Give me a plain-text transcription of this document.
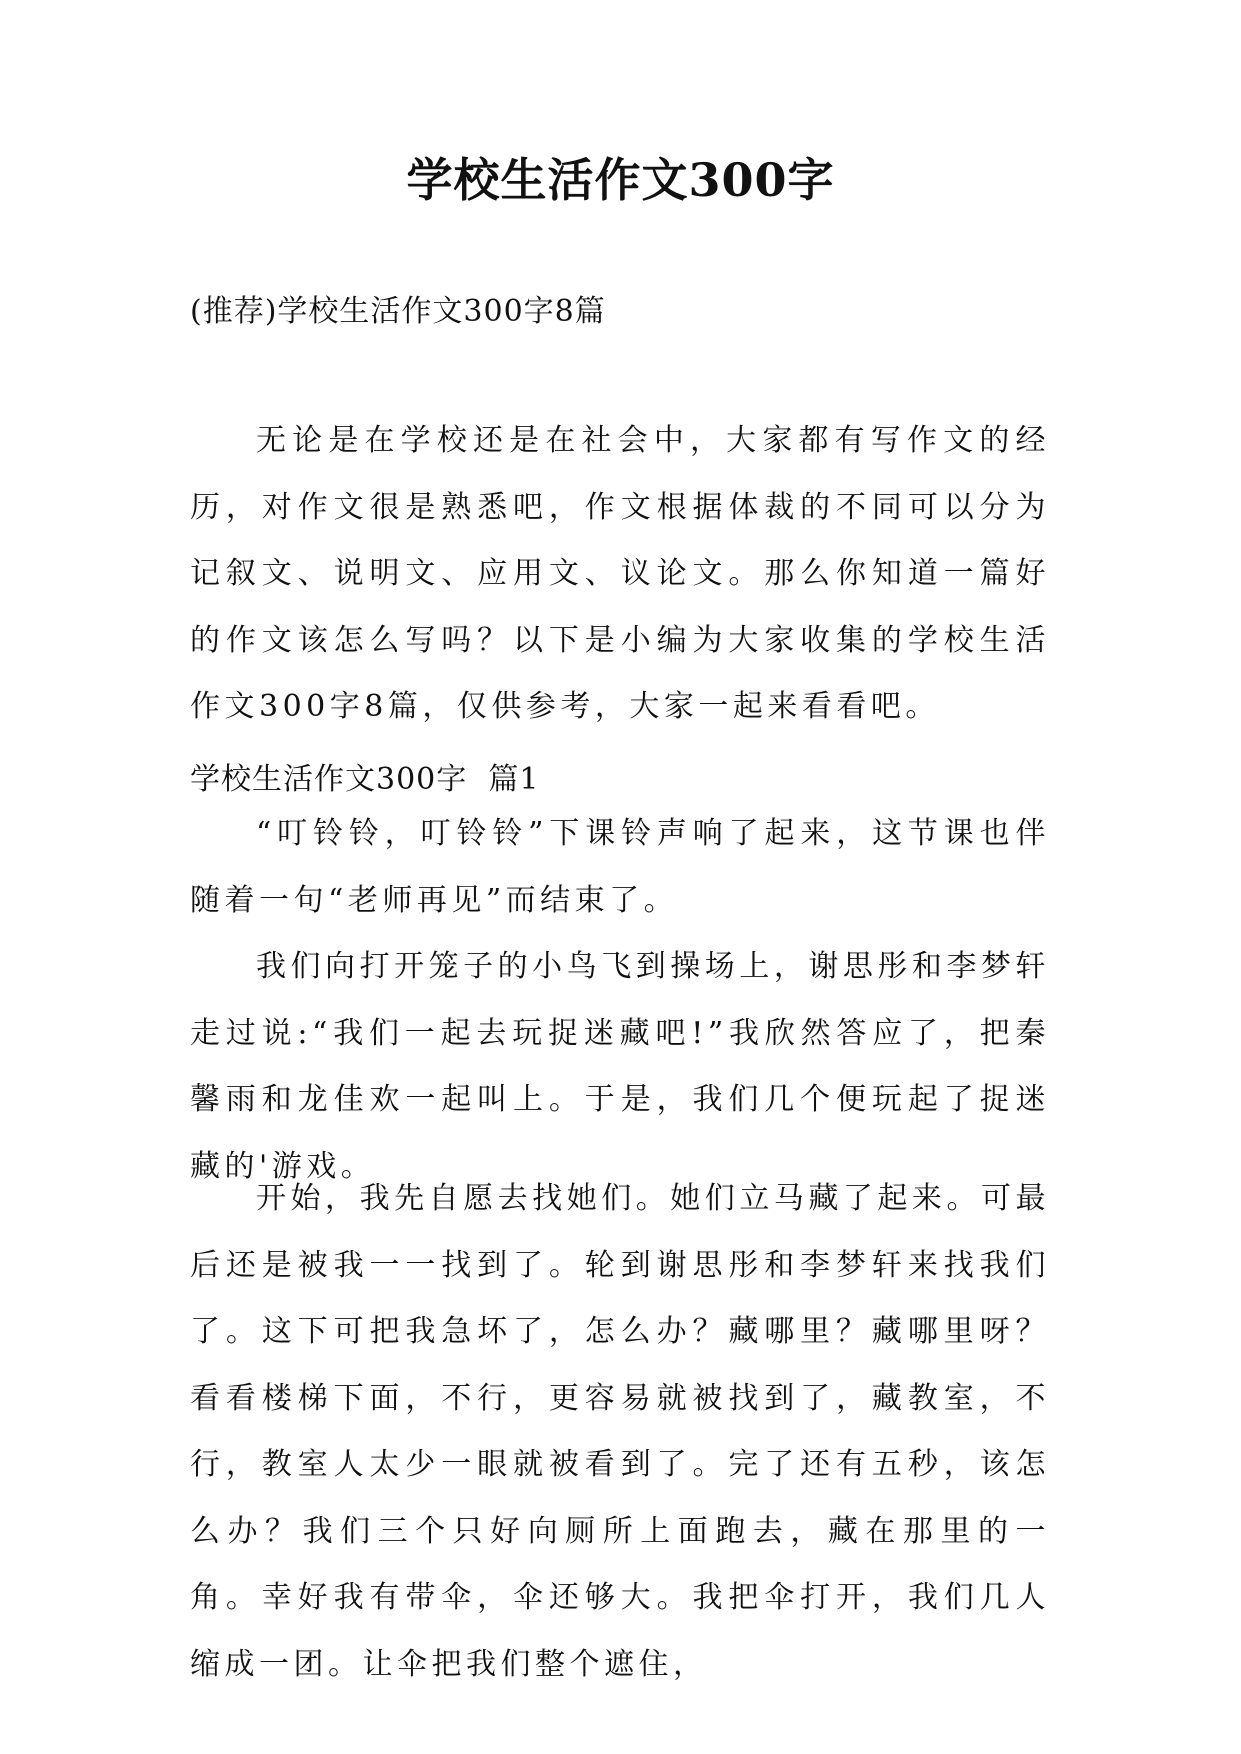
学校生活作文300字
(推荐)学校生活作文300字8篇

无论是在学校还是在社会中，大家都有写作文的经历，对作文很是熟悉吧，作文根据体裁的不同可以分为记叙文、说明文、应用文、议论文。那么你知道一篇好的作文该怎么写吗？以下是小编为大家收集的学校生活作文300字8篇，仅供参考，大家一起来看看吧。

学校生活作文300字  篇1

“叮铃铃，叮铃铃”下课铃声响了起来，这节课也伴随着一句“老师再见”而结束了。

我们向打开笼子的小鸟飞到操场上，谢思彤和李梦轩走过说:“我们一起去玩捉迷藏吧!”我欣然答应了，把秦馨雨和龙佳欢一起叫上。于是，我们几个便玩起了捉迷藏的'游戏。

开始，我先自愿去找她们。她们立马藏了起来。可最后还是被我一一找到了。轮到谢思彤和李梦轩来找我们了。这下可把我急坏了，怎么办？藏哪里？藏哪里呀？看看楼梯下面，不行，更容易就被找到了，藏教室，不行，教室人太少一眼就被看到了。完了还有五秒，该怎么办？我们三个只好向厕所上面跑去，藏在那里的一角。幸好我有带伞，伞还够大。我把伞打开，我们几人缩成一团。让伞把我们整个遮住，
